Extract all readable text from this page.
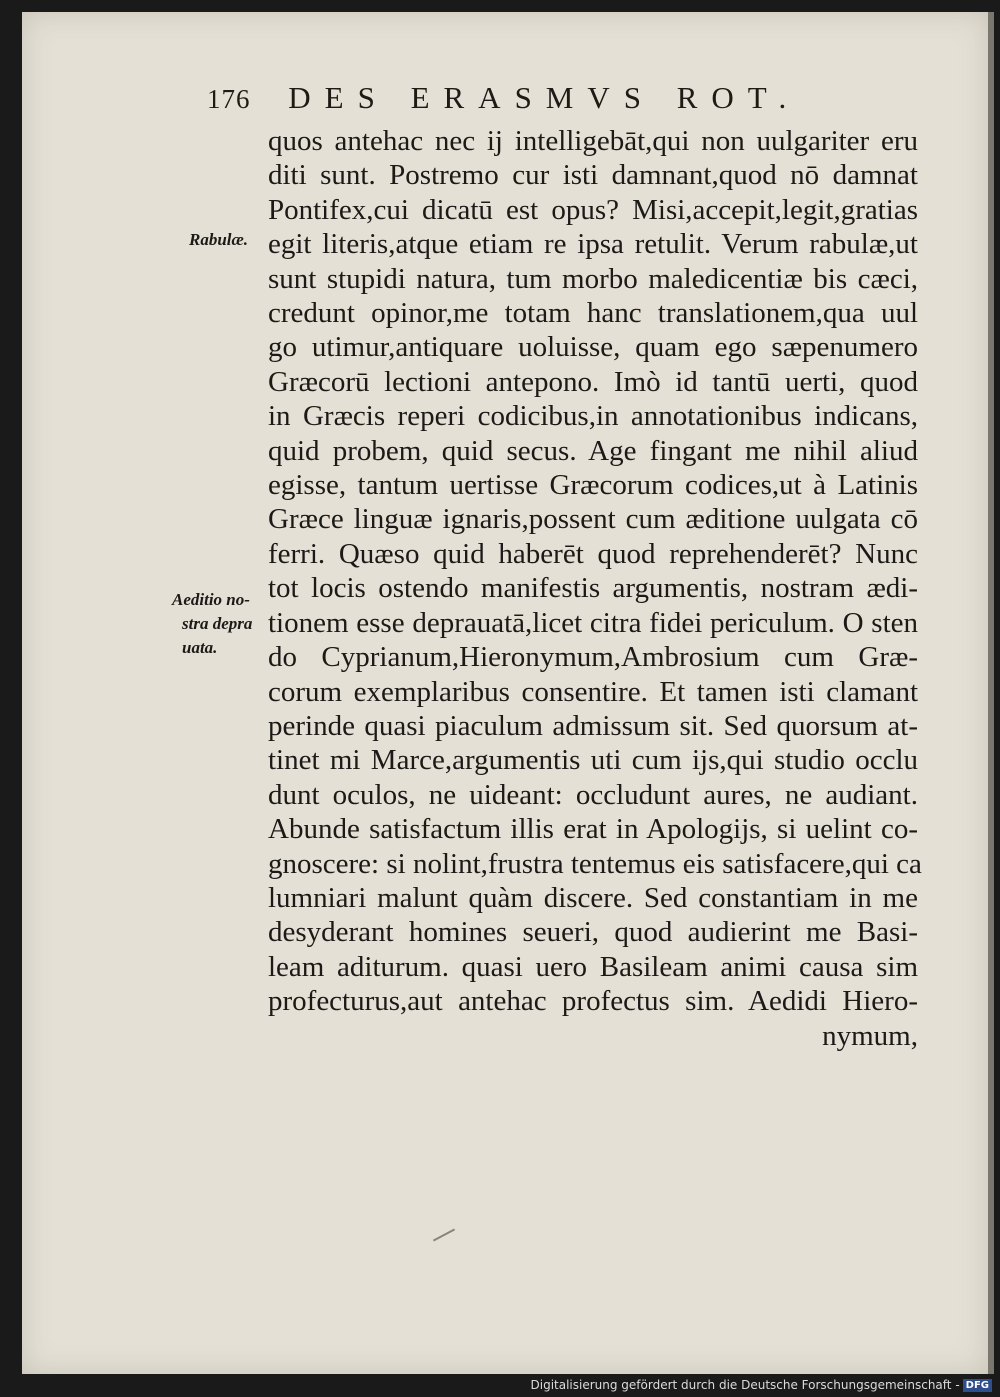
176 DES ERASMVS ROT.
Rabulæ.
Aeditio no-
stra depra
uata.
quos antehac nec ij intelligebāt,qui non uulgariter eru
diti sunt. Postremo cur isti damnant,quod nō damnat
Pontifex,cui dicatū est opus? Misi,accepit,legit,gratias
egit literis,atque etiam re ipsa retulit. Verum rabulæ,ut
sunt stupidi natura, tum morbo maledicentiæ bis cæci,
credunt opinor,me totam hanc translationem,qua uul
go utimur,antiquare uoluisse, quam ego sæpenumero
Græcorū lectioni antepono. Imò id tantū uerti, quod
in Græcis reperi codicibus,in annotationibus indicans,
quid probem, quid secus. Age fingant me nihil aliud
egisse, tantum uertisse Græcorum codices,ut à Latinis
Græce linguæ ignaris,possent cum æditione uulgata cō
ferri. Quæso quid haberēt quod reprehenderēt? Nunc
tot locis ostendo manifestis argumentis, nostram ædi-
tionem esse deprauatā,licet citra fidei periculum. O sten
do Cyprianum,Hieronymum,Ambrosium cum Græ-
corum exemplaribus consentire. Et tamen isti clamant
perinde quasi piaculum admissum sit. Sed quorsum at-
tinet mi Marce,argumentis uti cum ijs,qui studio occlu
dunt oculos, ne uideant: occludunt aures, ne audiant.
Abunde satisfactum illis erat in Apologijs, si uelint co-
gnoscere: si nolint,frustra tentemus eis satisfacere,qui ca
lumniari malunt quàm discere. Sed constantiam in me
desyderant homines seueri, quod audierint me Basi-
leam aditurum. quasi uero Basileam animi causa sim
profecturus,aut antehac profectus sim. Aedidi Hiero-
nymum,
Digitalisierung gefördert durch die Deutsche Forschungsgemeinschaft - DFG
